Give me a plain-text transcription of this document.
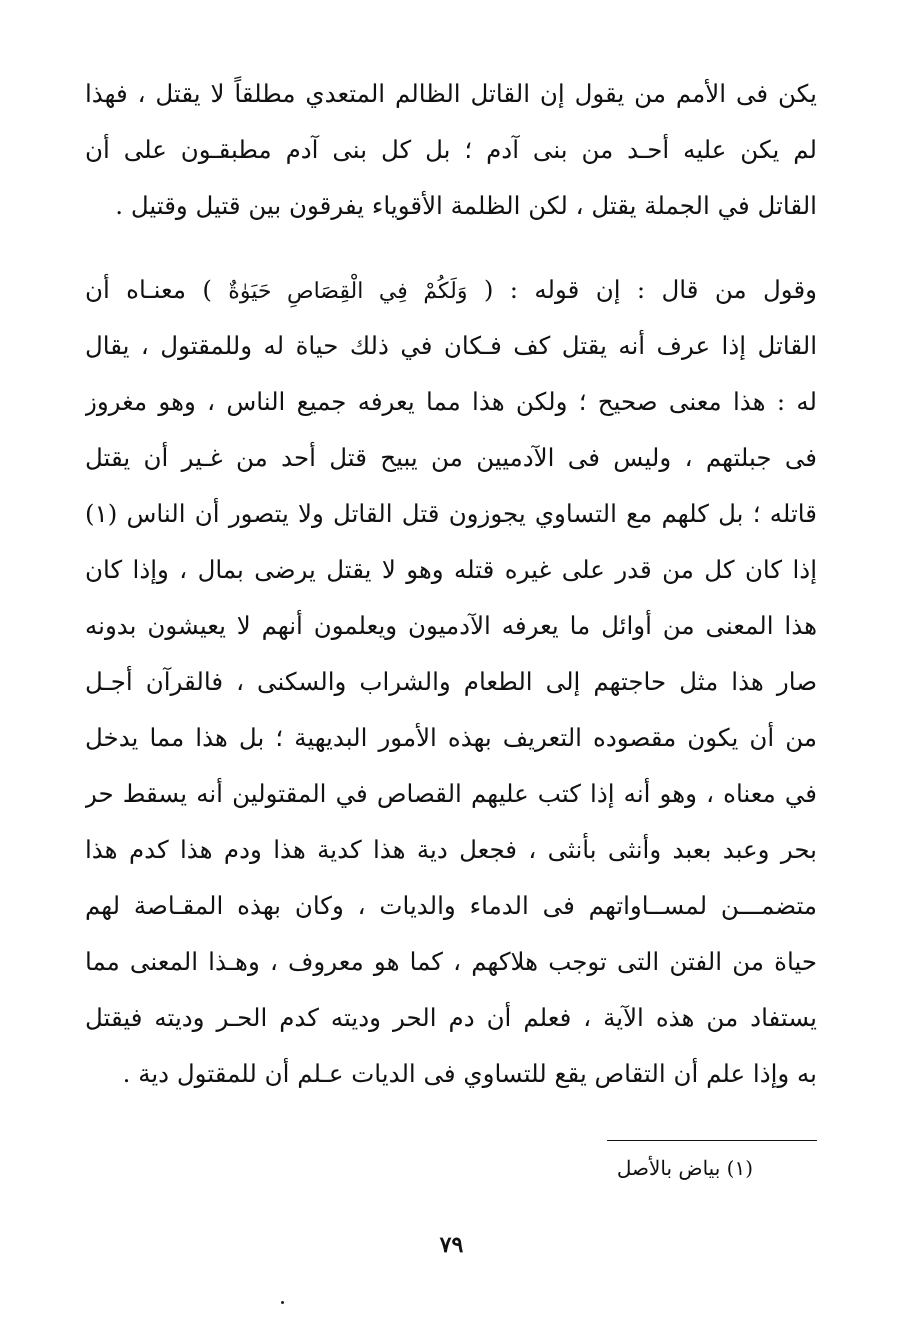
يكن فى الأمم من يقول إن القاتل الظالم المتعدي مطلقاً لا يقتل ، فهذا
لم يكن عليه أحـد من بنى آدم ؛ بل كل بنى آدم مطبقـون على أن
القاتل في الجملة يقتل ، لكن الظلمة الأقوياء يفرقون بين قتيل وقتيل .
وقول من قال : إن قوله : ( وَلَكُمْ فِي الْقِصَاصِ حَيَوٰةٌ ) معنـاه أن
القاتل إذا عرف أنه يقتل كف فـكان في ذلك حياة له وللمقتول ، يقال
له : هذا معنى صحيح ؛ ولكن هذا مما يعرفه جميع الناس ، وهو مغروز
فى جبلتهم ، وليس فى الآدميين من يبيح قتل أحد من غـير أن يقتل
قاتله ؛ بل كلهم مع التساوي يجوزون قتل القاتل ولا يتصور أن الناس (١)
إذا كان كل من قدر على غيره قتله وهو لا يقتل يرضى بمال ، وإذا كان
هذا المعنى من أوائل ما يعرفه الآدميون ويعلمون أنهم لا يعيشون بدونه
صار هذا مثل حاجتهم إلى الطعام والشراب والسكنى ، فالقرآن أجـل
من أن يكون مقصوده التعريف بهذه الأمور البديهية ؛ بل هذا مما يدخل
في معناه ، وهو أنه إذا كتب عليهم القصاص في المقتولين أنه يسقط حر
بحر وعبد بعبد وأنثى بأنثى ، فجعل دية هذا كدية هذا ودم هذا كدم هذا
متضمـــن لمســاواتهم فى الدماء والديات ، وكان بهذه المقـاصة لهم
حياة من الفتن التى توجب هلاكهم ، كما هو معروف ، وهـذا المعنى مما
يستفاد من هذه الآية ، فعلم أن دم الحر وديته كدم الحـر وديته فيقتل
به وإذا علم أن التقاص يقع للتساوي فى الديات عـلم أن للمقتول دية .
(١) بياض بالأصل
٧٩
